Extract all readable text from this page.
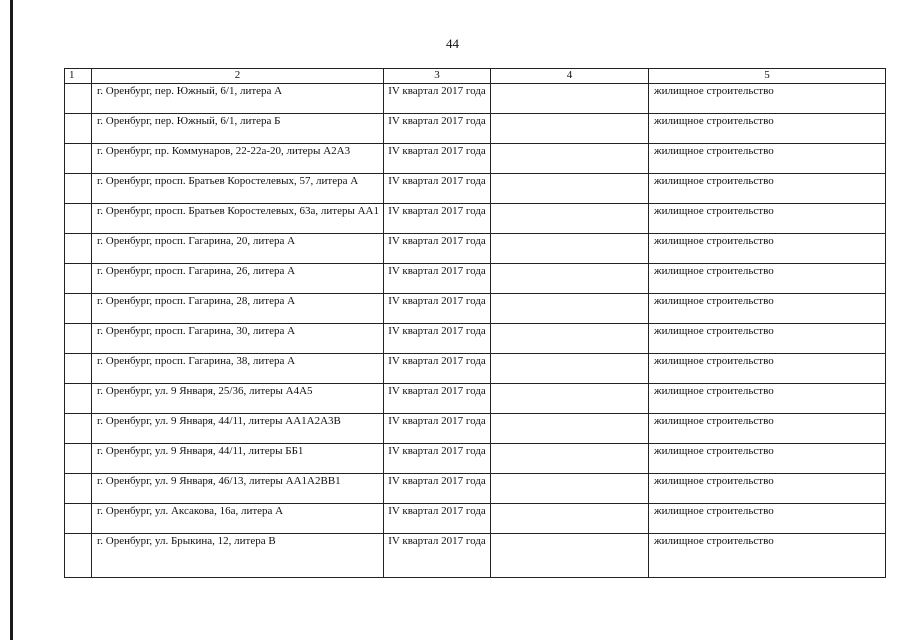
44
1	2	3	4	5
	г. Оренбург, пер. Южный, 6/1, литера А	IV квартал 2017 года		жилищное строительство
	г. Оренбург, пер. Южный, 6/1, литера Б	IV квартал 2017 года		жилищное строительство
	г. Оренбург, пр. Коммунаров, 22-22а-20, литеры А2А3	IV квартал 2017 года		жилищное строительство
	г. Оренбург, просп. Братьев Коростелевых, 57, литера А	IV квартал 2017 года		жилищное строительство
	г. Оренбург, просп. Братьев Коростелевых, 63а, литеры АА1	IV квартал 2017 года		жилищное строительство
	г. Оренбург, просп. Гагарина, 20, литера А	IV квартал 2017 года		жилищное строительство
	г. Оренбург, просп. Гагарина, 26, литера А	IV квартал 2017 года		жилищное строительство
	г. Оренбург, просп. Гагарина, 28, литера А	IV квартал 2017 года		жилищное строительство
	г. Оренбург, просп. Гагарина, 30, литера А	IV квартал 2017 года		жилищное строительство
	г. Оренбург, просп. Гагарина, 38, литера А	IV квартал 2017 года		жилищное строительство
	г. Оренбург, ул. 9 Января, 25/36, литеры А4А5	IV квартал 2017 года		жилищное строительство
	г. Оренбург, ул. 9 Января, 44/11, литеры АА1А2А3В	IV квартал 2017 года		жилищное строительство
	г. Оренбург, ул. 9 Января, 44/11, литеры ББ1	IV квартал 2017 года		жилищное строительство
	г. Оренбург, ул. 9 Января, 46/13, литеры АА1А2ВВ1	IV квартал 2017 года		жилищное строительство
	г. Оренбург, ул. Аксакова, 16а, литера А	IV квартал 2017 года		жилищное строительство
	г. Оренбург, ул. Брыкина, 12, литера В	IV квартал 2017 года		жилищное строительство
